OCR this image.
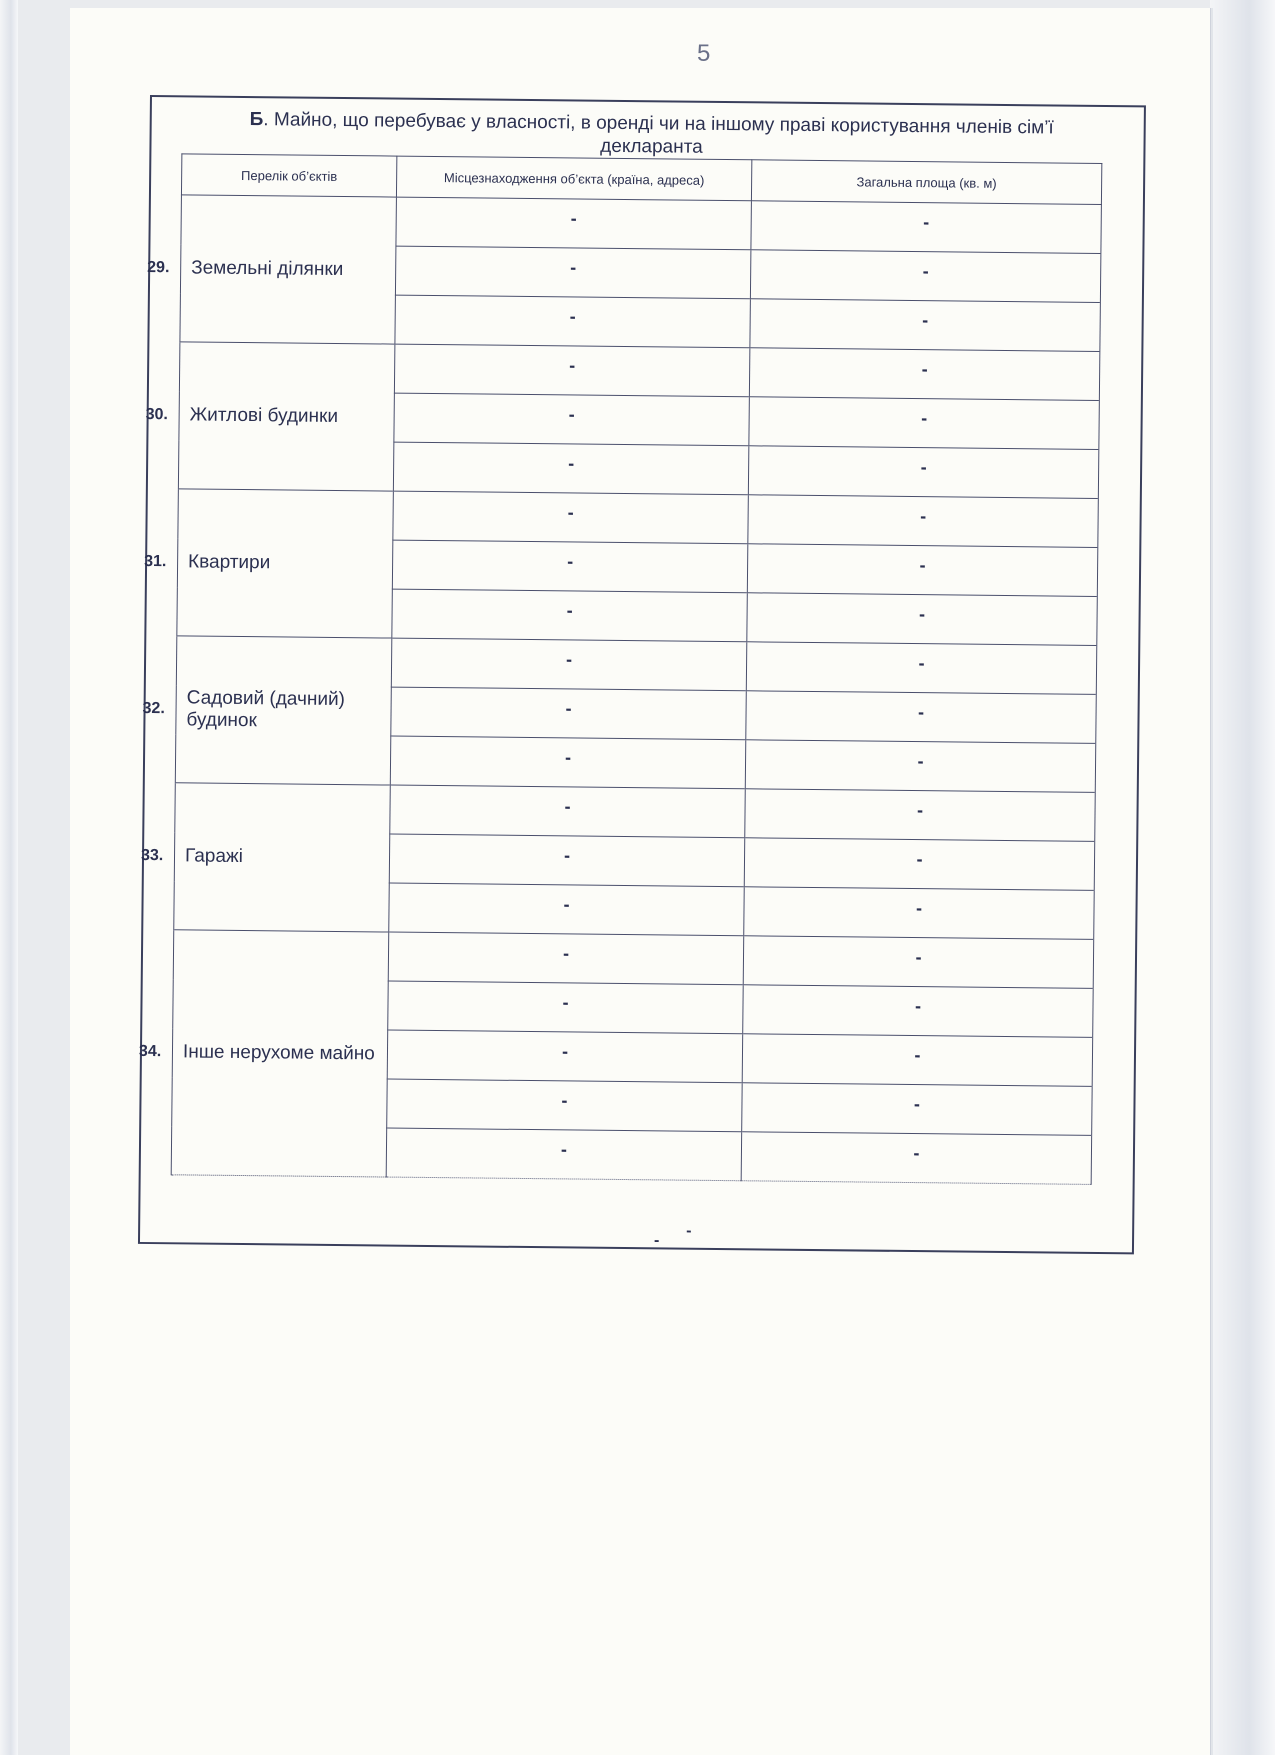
5
Б. Майно, що перебуває у власності, в оренді чи на іншому праві користування членів сім’ї декларанта
Перелік об’єктів	Місцезнаходження об’єкта (країна, адреса)	Загальна площа (кв. м)

29. Земельні ділянки	-	-
	-	-
	-	-

30. Житлові будинки	-	-
	-	-
	-	-

31. Квартири	-	-
	-	-
	-	-

32. Садовий (дачний) будинок	-	-
	-	-
	-	-

33. Гаражі	-	-
	-	-
	-	-

34. Інше нерухоме майно	-	-
	-	-
	-	-
	-	-
	-	-
-
-
